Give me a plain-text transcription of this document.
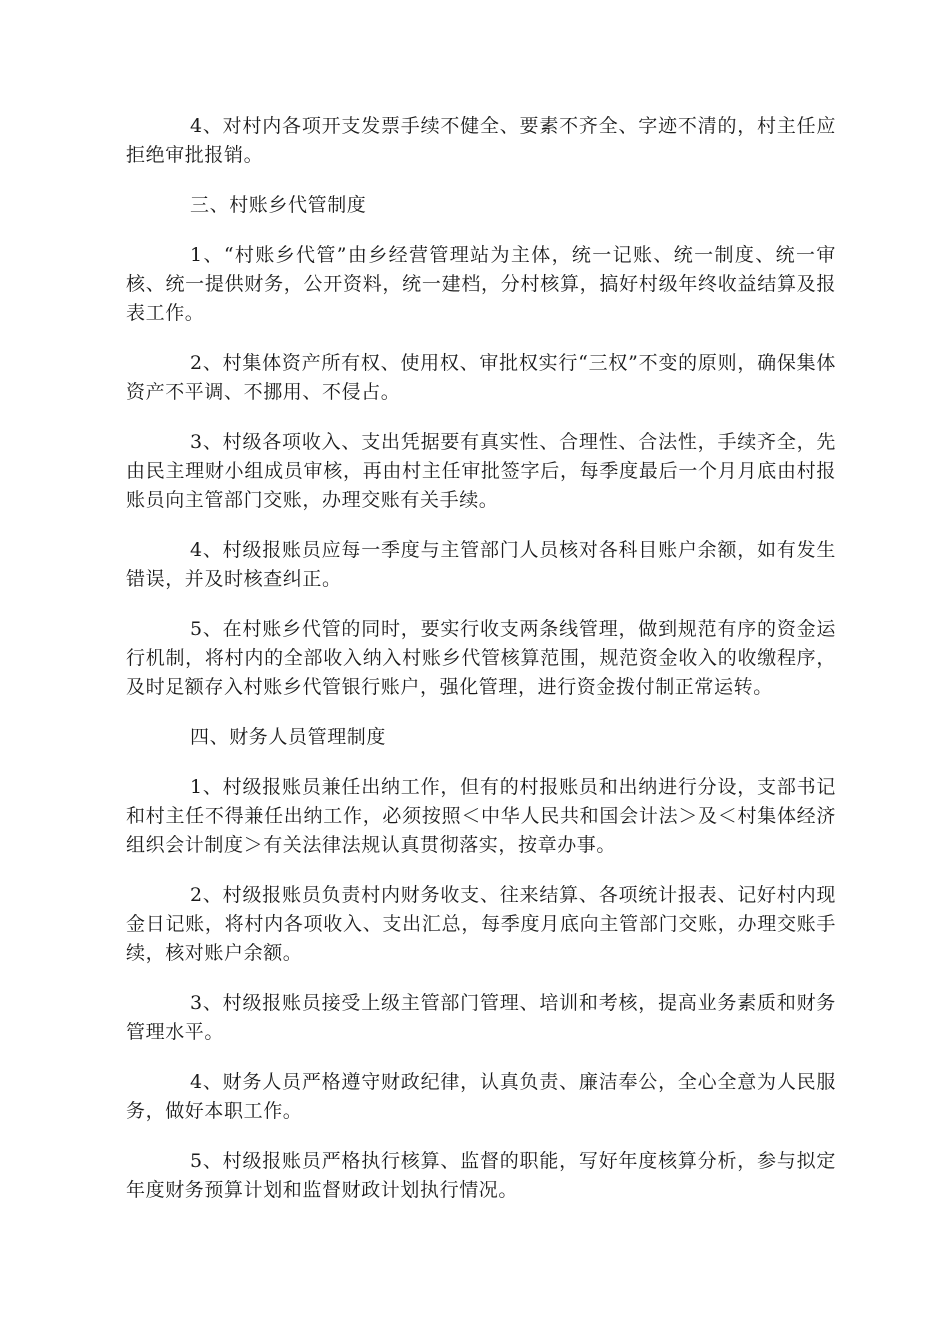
4、对村内各项开支发票手续不健全、要素不齐全、字迹不清的，村主任应拒绝审批报销。

三、村账乡代管制度

1、“村账乡代管”由乡经营管理站为主体，统一记账、统一制度、统一审核、统一提供财务，公开资料，统一建档，分村核算，搞好村级年终收益结算及报表工作。

2、村集体资产所有权、使用权、审批权实行“三权”不变的原则，确保集体资产不平调、不挪用、不侵占。

3、村级各项收入、支出凭据要有真实性、合理性、合法性，手续齐全，先由民主理财小组成员审核，再由村主任审批签字后，每季度最后一个月月底由村报账员向主管部门交账，办理交账有关手续。

4、村级报账员应每一季度与主管部门人员核对各科目账户余额，如有发生错误，并及时核查纠正。

5、在村账乡代管的同时，要实行收支两条线管理，做到规范有序的资金运行机制，将村内的全部收入纳入村账乡代管核算范围，规范资金收入的收缴程序，及时足额存入村账乡代管银行账户，强化管理，进行资金拨付制正常运转。

四、财务人员管理制度

1、村级报账员兼任出纳工作，但有的村报账员和出纳进行分设，支部书记和村主任不得兼任出纳工作，必须按照＜中华人民共和国会计法＞及＜村集体经济组织会计制度＞有关法律法规认真贯彻落实，按章办事。

2、村级报账员负责村内财务收支、往来结算、各项统计报表、记好村内现金日记账，将村内各项收入、支出汇总，每季度月底向主管部门交账，办理交账手续，核对账户余额。

3、村级报账员接受上级主管部门管理、培训和考核，提高业务素质和财务管理水平。

4、财务人员严格遵守财政纪律，认真负责、廉洁奉公，全心全意为人民服务，做好本职工作。

5、村级报账员严格执行核算、监督的职能，写好年度核算分析，参与拟定年度财务预算计划和监督财政计划执行情况。
